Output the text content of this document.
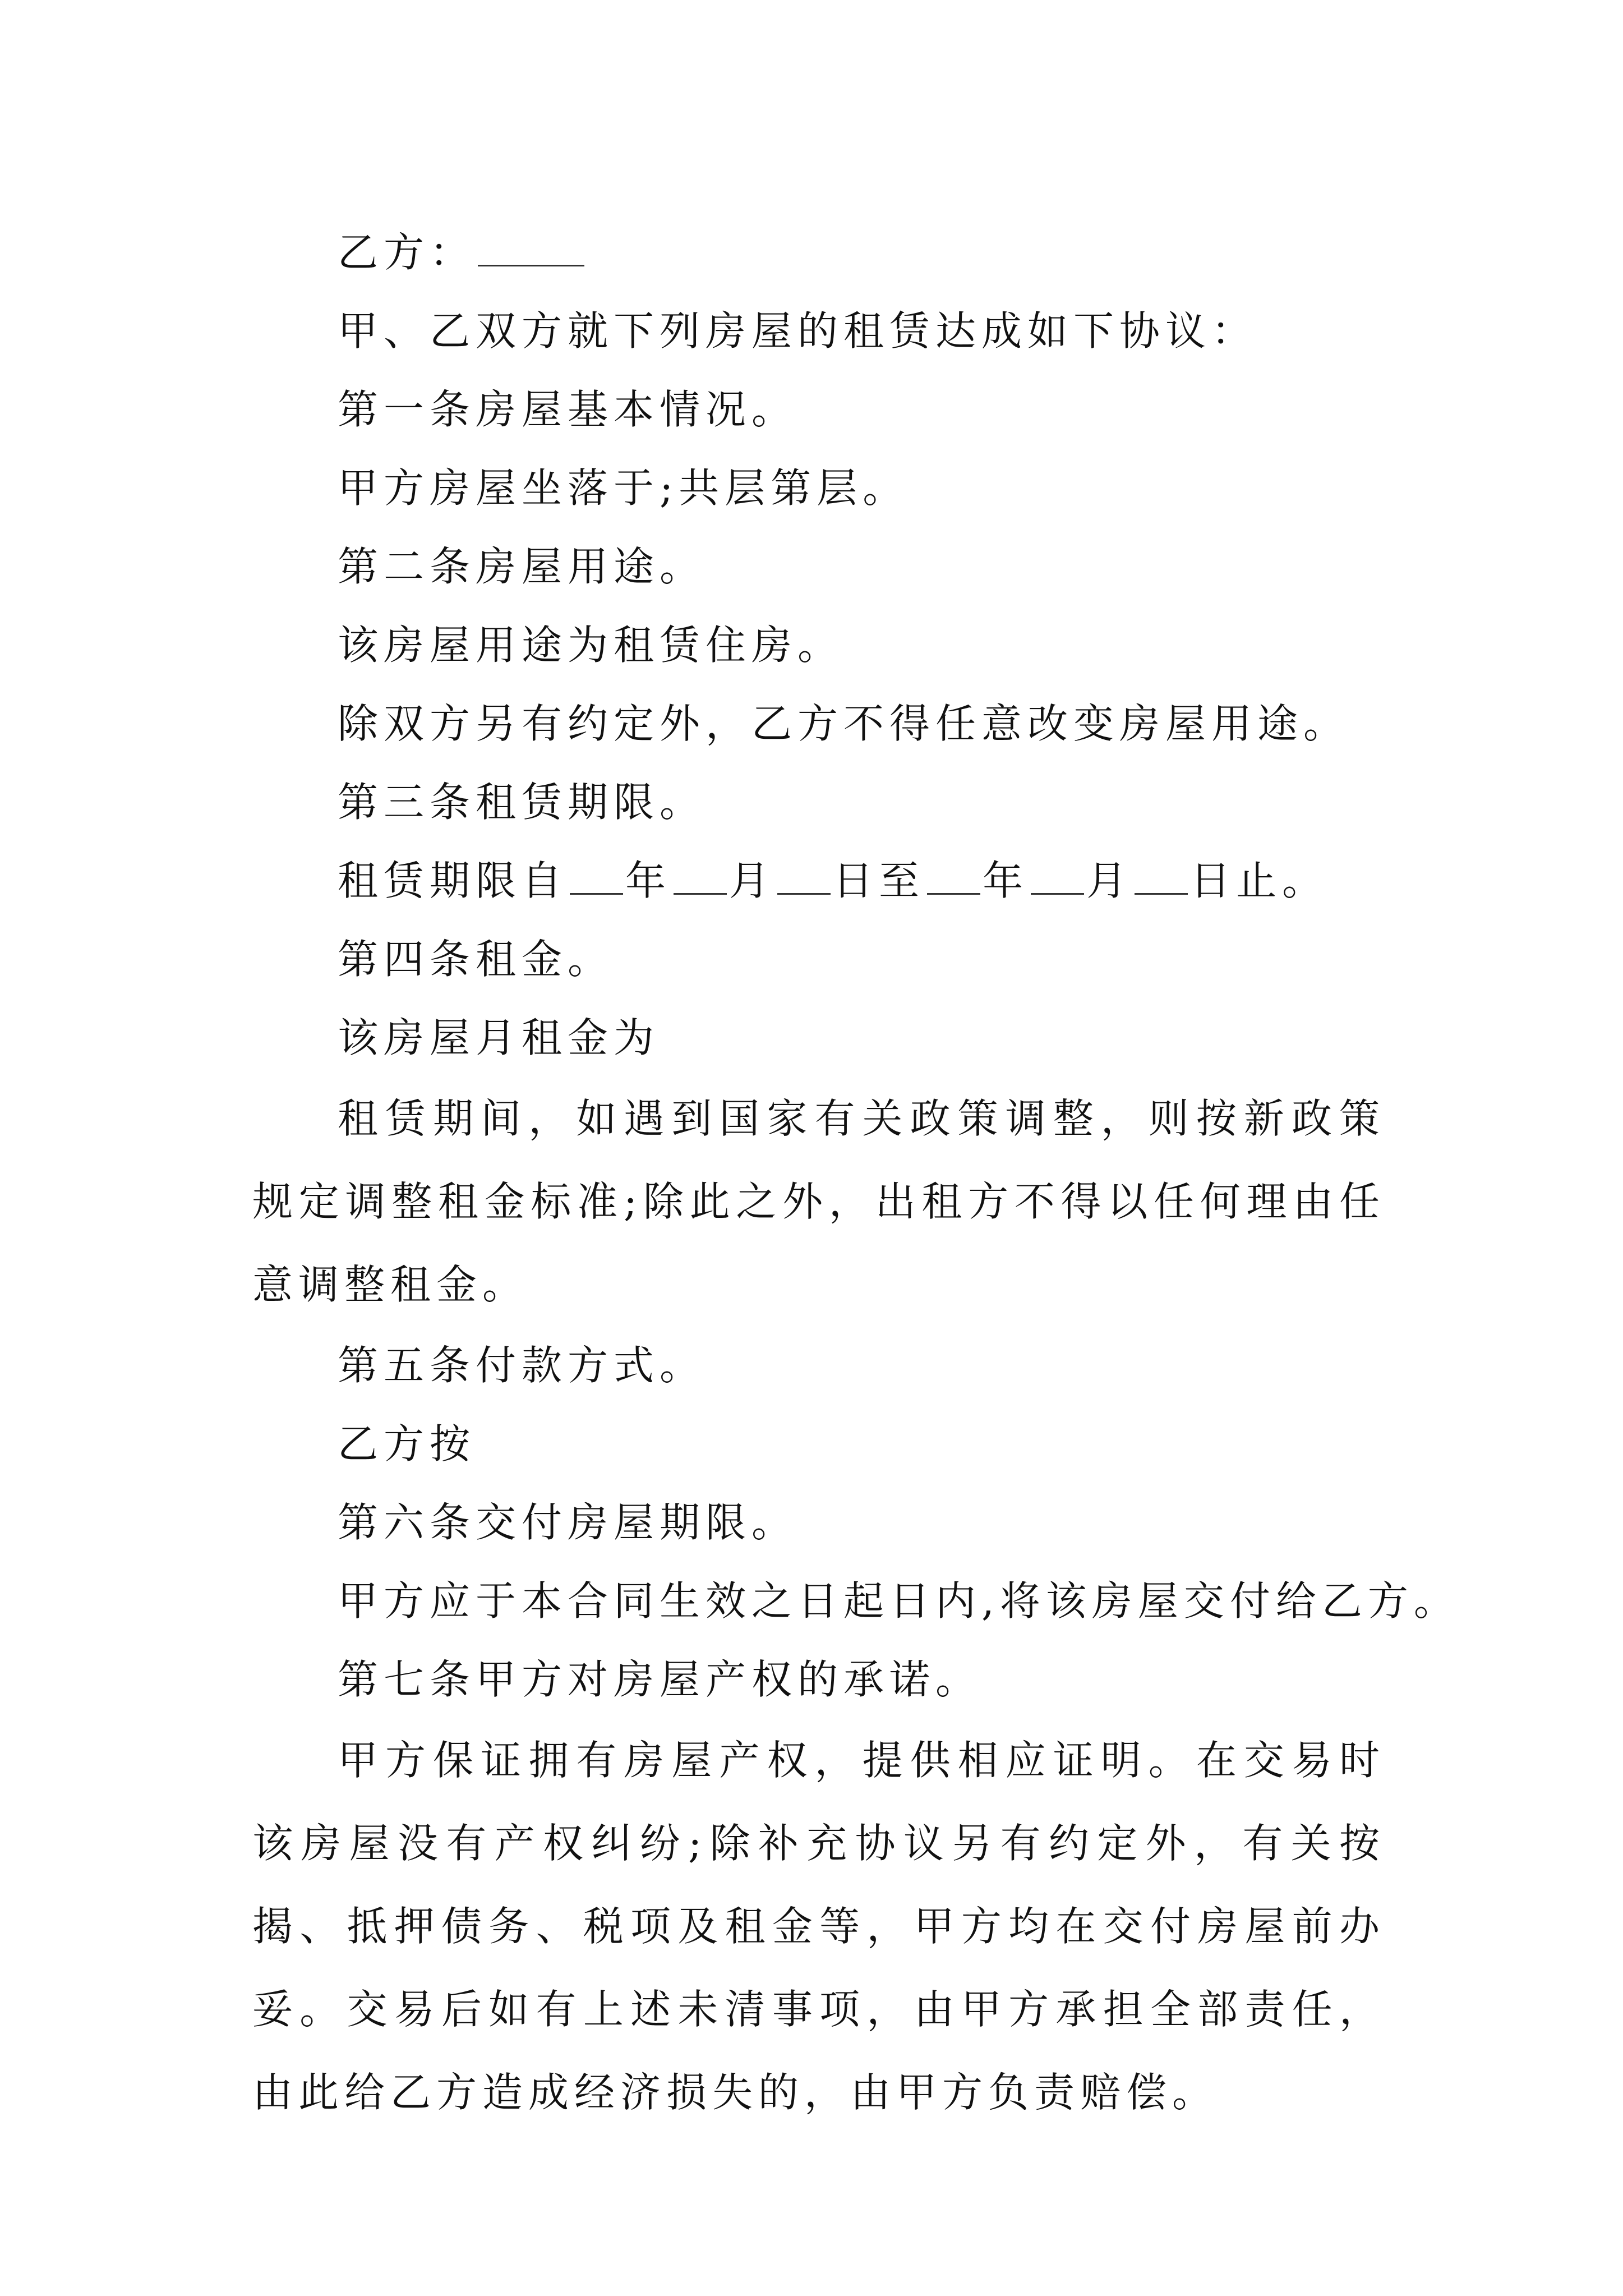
乙方：
甲、乙双方就下列房屋的租赁达成如下协议：
第一条房屋基本情况。
甲方房屋坐落于;共层第层。
第二条房屋用途。
该房屋用途为租赁住房。
除双方另有约定外，乙方不得任意改变房屋用途。
第三条租赁期限。
租赁期限自 年 月 日至 年 月 日止。
第四条租金。
该房屋月租金为
租赁期间，如遇到国家有关政策调整，则按新政策规定调整租金标准;除此之外，出租方不得以任何理由任意调整租金。
第五条付款方式。
乙方按
第六条交付房屋期限。
甲方应于本合同生效之日起日内,将该房屋交付给乙方。
第七条甲方对房屋产权的承诺。
甲方保证拥有房屋产权，提供相应证明。在交易时该房屋没有产权纠纷;除补充协议另有约定外，有关按揭、抵押债务、税项及租金等，甲方均在交付房屋前办妥。交易后如有上述未清事项，由甲方承担全部责任，由此给乙方造成经济损失的，由甲方负责赔偿。
